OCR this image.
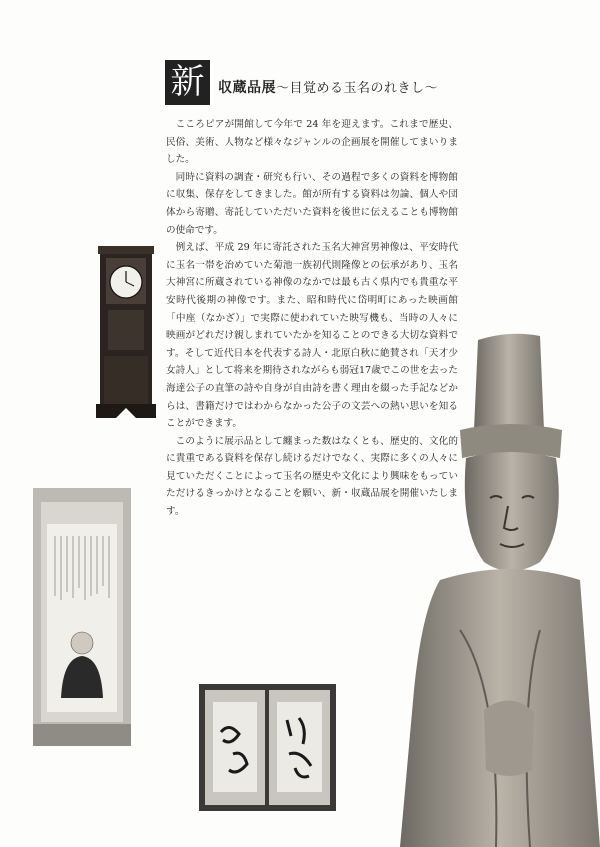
新 収蔵品展～目覚める玉名のれきし～

こころピアが開館して今年で 24 年を迎えます。これまで歴史、民俗、美術、人物など様々なジャンルの企画展を開催してまいりました。

同時に資料の調査・研究も行い、その過程で多くの資料を博物館に収集、保存をしてきました。館が所有する資料は勿論、個人や団体から寄贈、寄託していただいた資料を後世に伝えることも博物館の使命です。

例えば、平成 29 年に寄託された玉名大神宮男神像は、平安時代に玉名一帯を治めていた菊池一族初代則隆像との伝承があり、玉名大神宮に所蔵されている神像のなかでは最も古く県内でも貴重な平安時代後期の神像です。また、昭和時代に岱明町にあった映画館「中座（なかざ）」で実際に使われていた映写機も、当時の人々に映画がどれだけ親しまれていたかを知ることのできる大切な資料です。そして近代日本を代表する詩人・北原白秋に絶賛され「天才少女詩人」として将来を期待されながらも弱冠17歳でこの世を去った海達公子の直筆の詩や自身が自由詩を書く理由を綴った手記などからは、書籍だけではわからなかった公子の文芸への熱い思いを知ることができます。

このように展示品として纏まった数はなくとも、歴史的、文化的に貴重である資料を保存し続けるだけでなく、実際に多くの人々に見ていただくことによって玉名の歴史や文化により興味をもっていただけるきっかけとなることを願い、新・収蔵品展を開催いたします。
